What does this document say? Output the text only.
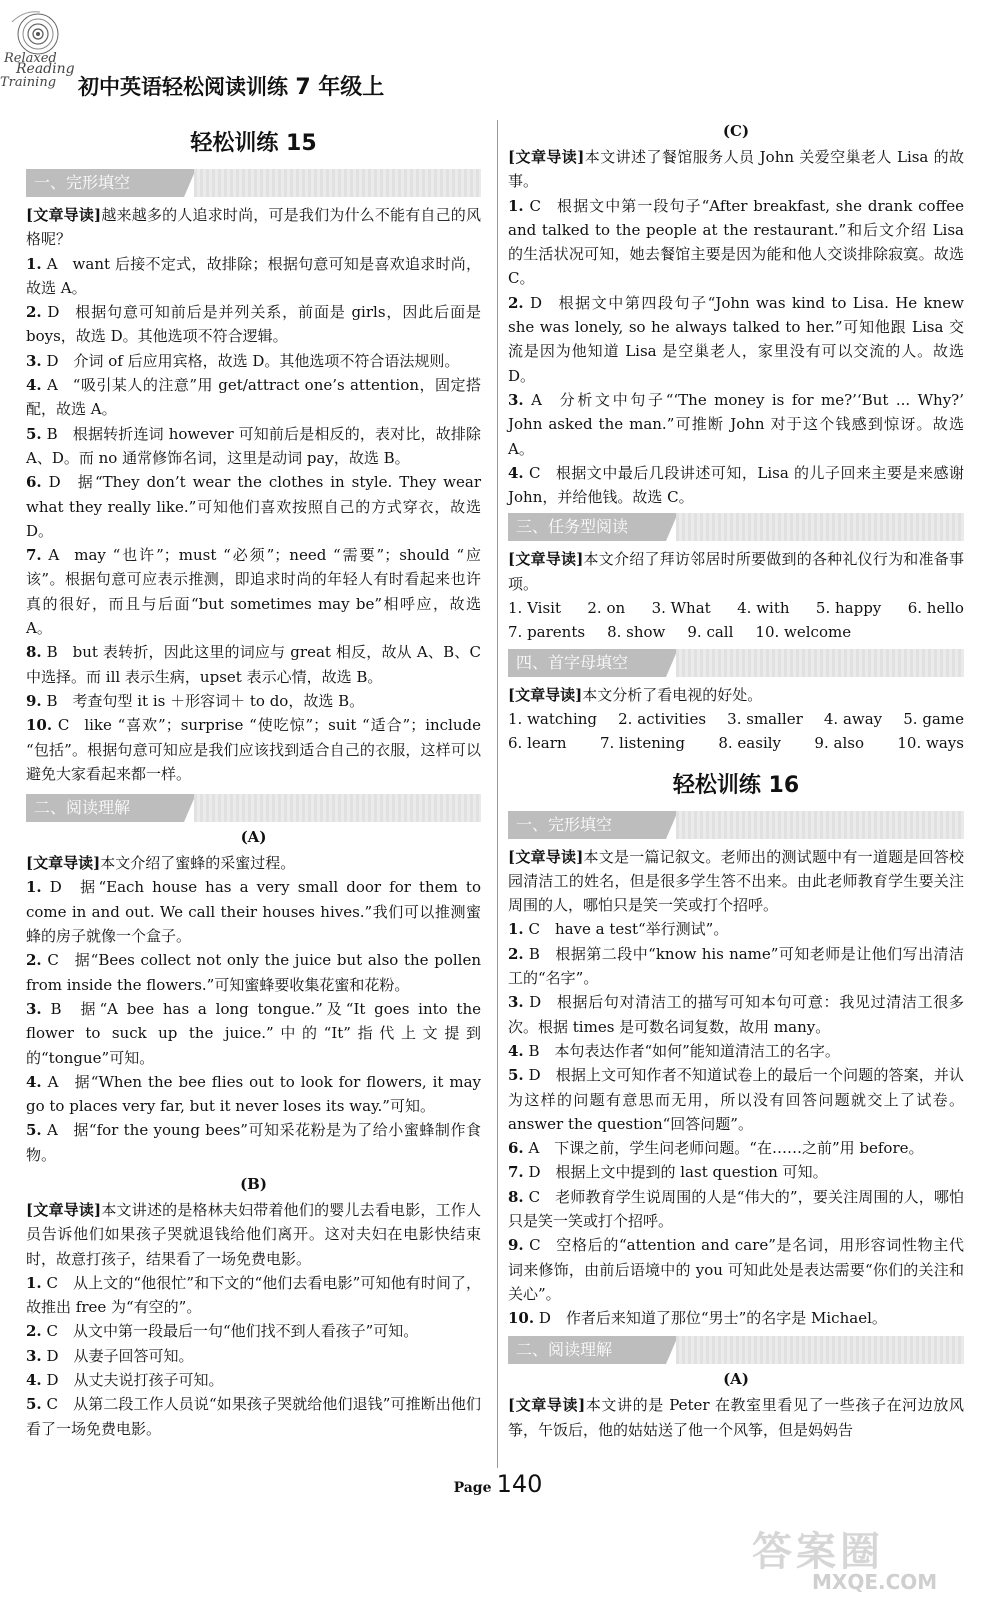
Relaxed
Reading
Training 初中英语轻松阅读训练 7 年级上
轻松训练 15
一、完形填空

[文章导读]越来越多的人追求时尚，可是我们为什么不能有自己的风格呢？

1. A  want 后接不定式，故排除；根据句意可知是喜欢追求时尚，故选 A。

2. D  根据句意可知前后是并列关系，前面是 girls，因此后面是 boys，故选 D。其他选项不符合逻辑。

3. D  介词 of 后应用宾格，故选 D。其他选项不符合语法规则。

4. A  “吸引某人的注意”用 get/attract one’s attention，固定搭配，故选 A。

5. B  根据转折连词 however 可知前后是相反的，表对比，故排除 A、D。而 no 通常修饰名词，这里是动词 pay，故选 B。

6. D  据“They don’t wear the clothes in style. They wear what they really like.”可知他们喜欢按照自己的方式穿衣，故选 D。

7. A  may “也许”；must “必须”；need “需要”；should “应该”。根据句意可应表示推测，即追求时尚的年轻人有时看起来也许真的很好，而且与后面“but sometimes may be”相呼应，故选 A。

8. B  but 表转折，因此这里的词应与 great 相反，故从 A、B、C 中选择。而 ill 表示生病，upset 表示心情，故选 B。

9. B  考查句型 it is ＋形容词＋ to do，故选 B。

10. C  like “喜欢”；surprise “使吃惊”；suit “适合”；include “包括”。根据句意可知应是我们应该找到适合自己的衣服，这样可以避免大家看起来都一样。

二、阅读理解
(A)

[文章导读]本文介绍了蜜蜂的采蜜过程。

1. D  据“Each house has a very small door for them to come in and out. We call their houses hives.”我们可以推测蜜蜂的房子就像一个盒子。

2. C  据“Bees collect not only the juice but also the pollen from inside the flowers.”可知蜜蜂要收集花蜜和花粉。

3. B  据“A bee has a long tongue.”及“It goes into the flower to suck up the juice.”中的“It”指代上文提到的“tongue”可知。

4. A  据“When the bee flies out to look for flowers, it may go to places very far, but it never loses its way.”可知。

5. A  据“for the young bees”可知采花粉是为了给小蜜蜂制作食物。

(B)

[文章导读]本文讲述的是格林夫妇带着他们的婴儿去看电影，工作人员告诉他们如果孩子哭就退钱给他们离开。这对夫妇在电影快结束时，故意打孩子，结果看了一场免费电影。

1. C  从上文的“他很忙”和下文的“他们去看电影”可知他有时间了，故推出 free 为“有空的”。

2. C  从文中第一段最后一句“他们找不到人看孩子”可知。

3. D  从妻子回答可知。

4. D  从丈夫说打孩子可知。

5. C  从第二段工作人员说“如果孩子哭就给他们退钱”可推断出他们看了一场免费电影。

(C)

[文章导读]本文讲述了餐馆服务人员 John 关爱空巢老人 Lisa 的故事。

1. C  根据文中第一段句子“After breakfast, she drank coffee and talked to the people at the restaurant.”和后文介绍 Lisa 的生活状况可知，她去餐馆主要是因为能和他人交谈排除寂寞。故选 C。

2. D  根据文中第四段句子“John was kind to Lisa. He knew she was lonely, so he always talked to her.”可知他跟 Lisa 交流是因为他知道 Lisa 是空巢老人，家里没有可以交流的人。故选 D。

3. A  分析文中句子“‘The money is for me?’‘But ... Why?’ John asked the man.”可推断 John 对于这个钱感到惊讶。故选 A。

4. C  根据文中最后几段讲述可知，Lisa 的儿子回来主要是来感谢 John，并给他钱。故选 C。

三、任务型阅读

[文章导读]本文介绍了拜访邻居时所要做到的各种礼仪行为和准备事项。

1. Visit 2. on 3. What 4. with 5. happy 6. hello
7. parents 8. show 9. call 10. welcome
四、首字母填空

[文章导读]本文分析了看电视的好处。

1. watching 2. activities 3. smaller 4. away 5. game
6. learn 7. listening 8. easily 9. also 10. ways
轻松训练 16
一、完形填空

[文章导读]本文是一篇记叙文。老师出的测试题中有一道题是回答校园清洁工的姓名，但是很多学生答不出来。由此老师教育学生要关注周围的人，哪怕只是笑一笑或打个招呼。

1. C  have a test“举行测试”。

2. B  根据第二段中“know his name”可知老师是让他们写出清洁工的“名字”。

3. D  根据后句对清洁工的描写可知本句可意：我见过清洁工很多次。根据 times 是可数名词复数，故用 many。

4. B  本句表达作者“如何”能知道清洁工的名字。

5. D  根据上文可知作者不知道试卷上的最后一个问题的答案，并认为这样的问题有意思而无用，所以没有回答问题就交上了试卷。answer the question“回答问题”。

6. A  下课之前，学生问老师问题。“在……之前”用 before。

7. D  根据上文中提到的 last question 可知。

8. C  老师教育学生说周围的人是“伟大的”，要关注周围的人，哪怕只是笑一笑或打个招呼。

9. C  空格后的“attention and care”是名词，用形容词性物主代词来修饰，由前后语境中的 you 可知此处是表达需要“你们的关注和关心”。

10. D  作者后来知道了那位“男士”的名字是 Michael。

二、阅读理解
(A)

[文章导读]本文讲的是 Peter 在教室里看见了一些孩子在河边放风筝，午饭后，他的姑姑送了他一个风筝，但是妈妈告

Page 140
答案圈
MXQE.COM
